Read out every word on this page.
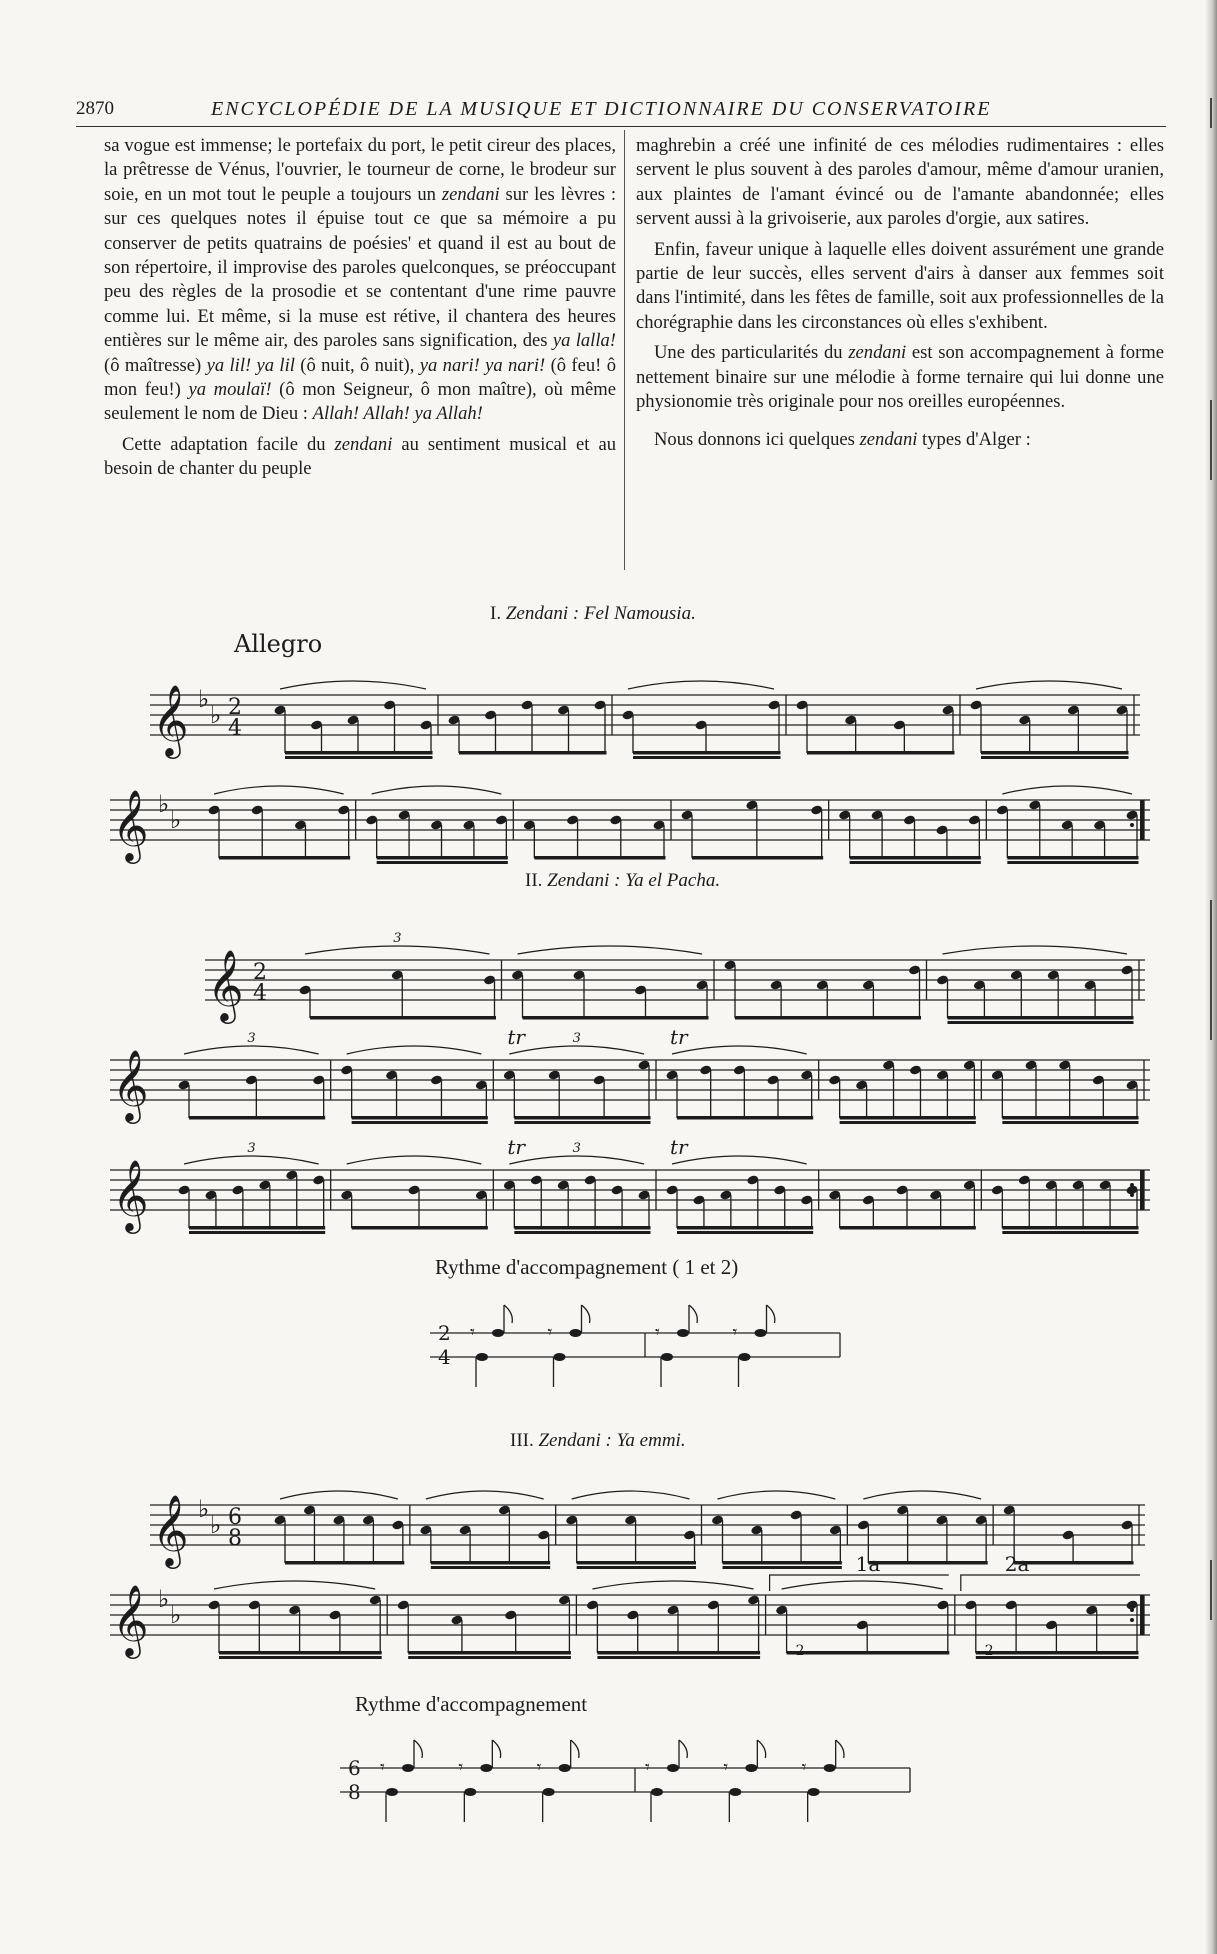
2870	ENCYCLOPÉDIE DE LA MUSIQUE ET DICTIONNAIRE DU CONSERVATOIRE

sa vogue est immense; le portefaix du port, le petit cireur des places, la prêtresse de Vénus, l'ouvrier, le tourneur de corne, le brodeur sur soie, en un mot tout le peuple a toujours un zendani sur les lèvres : sur ces quelques notes il épuise tout ce que sa mémoire a pu conserver de petits quatrains de poésies' et quand il est au bout de son répertoire, il improvise des paroles quelconques, se préoccupant peu des règles de la prosodie et se contentant d'une rime pauvre comme lui. Et même, si la muse est rétive, il chantera des heures entières sur le même air, des paroles sans signification, des ya lalla! (ô maîtresse) ya lil! ya lil (ô nuit, ô nuit), ya nari! ya nari! (ô feu! ô mon feu!) ya moulaï! (ô mon Seigneur, ô mon maître), où même seulement le nom de Dieu : Allah! Allah! ya Allah!

Cette adaptation facile du zendani au sentiment musical et au besoin de chanter du peuple

maghrebin a créé une infinité de ces mélodies rudimentaires : elles servent le plus souvent à des paroles d'amour, même d'amour uranien, aux plaintes de l'amant évincé ou de l'amante abandonnée; elles servent aussi à la grivoiserie, aux paroles d'orgie, aux satires.

Enfin, faveur unique à laquelle elles doivent assurément une grande partie de leur succès, elles servent d'airs à danser aux femmes soit dans l'intimité, dans les fêtes de famille, soit aux professionnelles de la chorégraphie dans les circonstances où elles s'exhibent.

Une des particularités du zendani est son accompagnement à forme nettement binaire sur une mélodie à forme ternaire qui lui donne une physionomie très originale pour nos oreilles européennes.

Nous donnons ici quelques zendani types d'Alger :

I. Zendani : Fel Namousia.
Allegro
𝄞 ♭
♭ 2
4
𝄞 ♭
♭
II. Zendani : Ya el Pacha.
𝄞 2
4
3
𝄞
3	3
tr	tr
𝄞
3	3
tr	tr
Rythme d'accompagnement ( 1 et 2)
2
4
𝄾	𝄾	𝄾	𝄾
III. Zendani : Ya emmi.
𝄞 ♭
♭ 6
8
𝄞 ♭
♭
1a	2a
2	2
Rythme d'accompagnement
6
8
𝄾	𝄾	𝄾	𝄾	𝄾	𝄾
